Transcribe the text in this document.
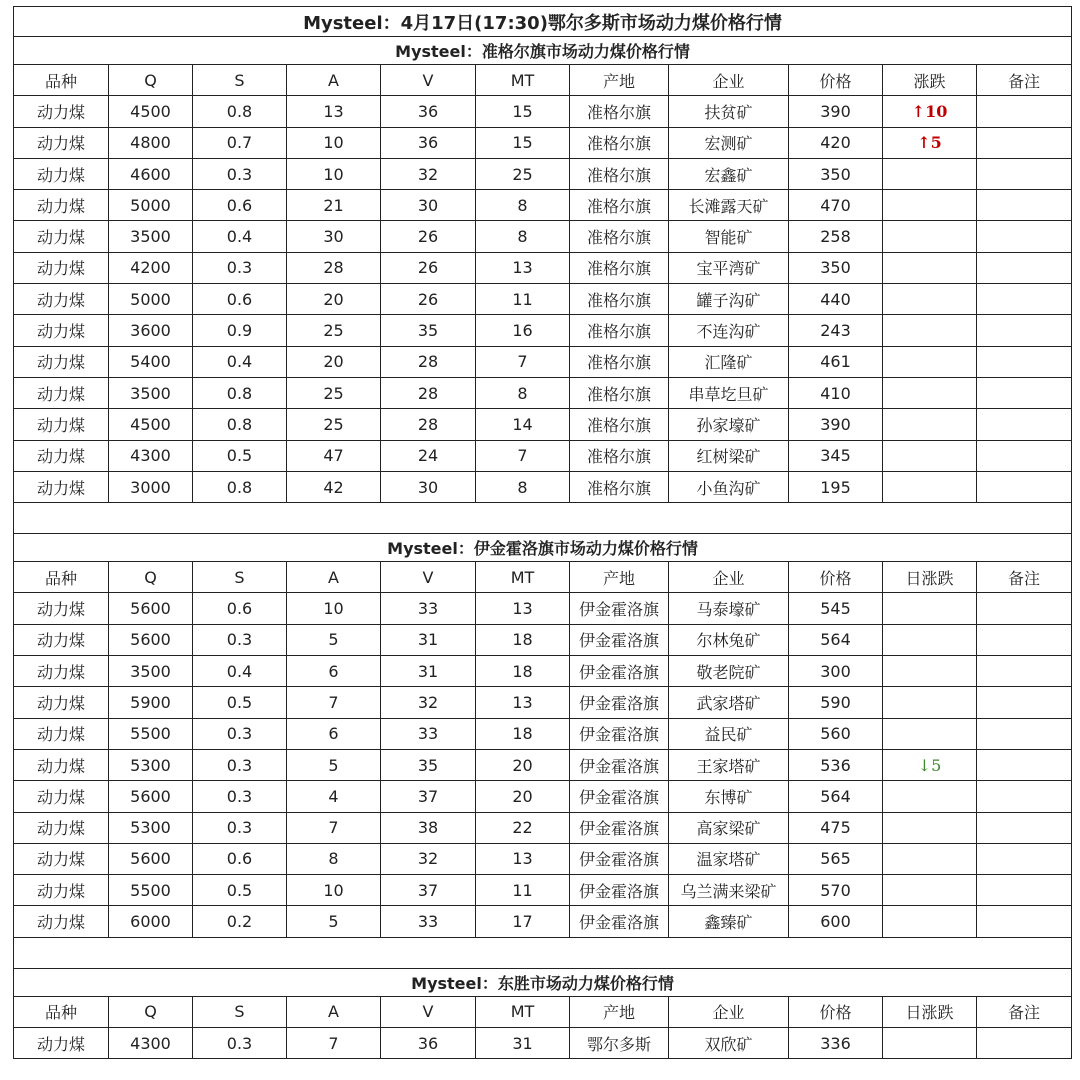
Mysteel：4月17日(17:30)鄂尔多斯市场动力煤价格行情										
Mysteel：准格尔旗市场动力煤价格行情										
品种	Q	S	A	V	MT	产地	企业	价格	涨跌	备注
动力煤	4500	0.8	13	36	15	准格尔旗	扶贫矿	390	↑10	
动力煤	4800	0.7	10	36	15	准格尔旗	宏测矿	420	↑5	
动力煤	4600	0.3	10	32	25	准格尔旗	宏鑫矿	350		
动力煤	5000	0.6	21	30	8	准格尔旗	长滩露天矿	470		
动力煤	3500	0.4	30	26	8	准格尔旗	智能矿	258		
动力煤	4200	0.3	28	26	13	准格尔旗	宝平湾矿	350		
动力煤	5000	0.6	20	26	11	准格尔旗	罐子沟矿	440		
动力煤	3600	0.9	25	35	16	准格尔旗	不连沟矿	243		
动力煤	5400	0.4	20	28	7	准格尔旗	汇隆矿	461		
动力煤	3500	0.8	25	28	8	准格尔旗	串草圪旦矿	410		
动力煤	4500	0.8	25	28	14	准格尔旗	孙家壕矿	390		
动力煤	4300	0.5	47	24	7	准格尔旗	红树梁矿	345		
动力煤	3000	0.8	42	30	8	准格尔旗	小鱼沟矿	195		

Mysteel：伊金霍洛旗市场动力煤价格行情										
品种	Q	S	A	V	MT	产地	企业	价格	日涨跌	备注
动力煤	5600	0.6	10	33	13	伊金霍洛旗	马泰壕矿	545		
动力煤	5600	0.3	5	31	18	伊金霍洛旗	尔林兔矿	564		
动力煤	3500	0.4	6	31	18	伊金霍洛旗	敬老院矿	300		
动力煤	5900	0.5	7	32	13	伊金霍洛旗	武家塔矿	590		
动力煤	5500	0.3	6	33	18	伊金霍洛旗	益民矿	560		
动力煤	5300	0.3	5	35	20	伊金霍洛旗	王家塔矿	536	↓5	
动力煤	5600	0.3	4	37	20	伊金霍洛旗	东博矿	564		
动力煤	5300	0.3	7	38	22	伊金霍洛旗	高家梁矿	475		
动力煤	5600	0.6	8	32	13	伊金霍洛旗	温家塔矿	565		
动力煤	5500	0.5	10	37	11	伊金霍洛旗	乌兰满来梁矿	570		
动力煤	6000	0.2	5	33	17	伊金霍洛旗	鑫臻矿	600		

Mysteel：东胜市场动力煤价格行情										
品种	Q	S	A	V	MT	产地	企业	价格	日涨跌	备注
动力煤	4300	0.3	7	36	31	鄂尔多斯	双欣矿	336		
